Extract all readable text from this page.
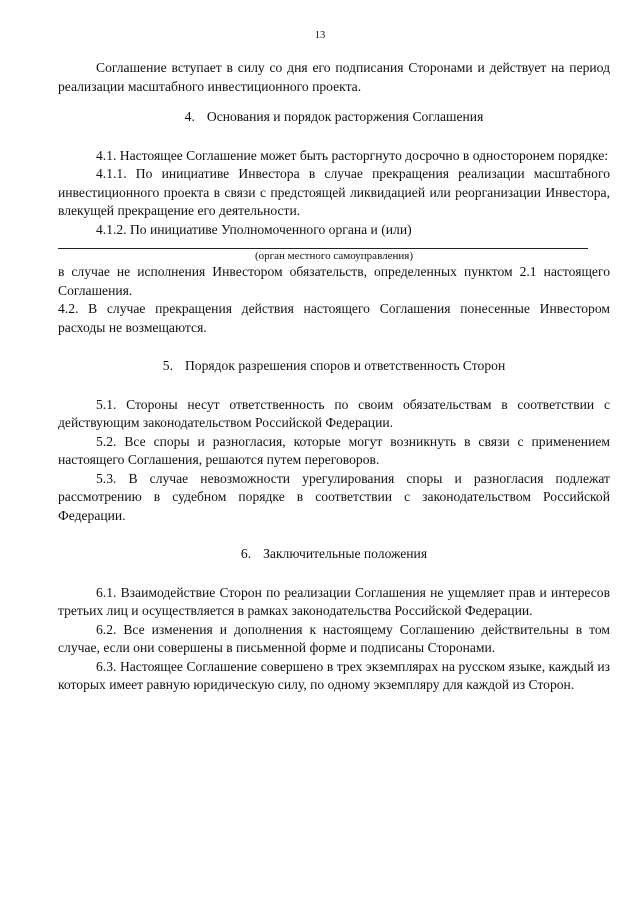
13

Соглашение вступает в силу со дня его подписания Сторонами и действует на период реализации масштабного инвестиционного проекта.

4. Основания и порядок расторжения Соглашения

4.1. Настоящее Соглашение может быть расторгнуто досрочно в односторонем порядке:

4.1.1. По инициативе Инвестора в случае прекращения реализации масштабного инвестиционного проекта в связи с предстоящей ликвидацией или реорганизации Инвестора, влекущей прекращение его деятельности.

4.1.2. По инициативе Уполномоченного органа и (или)

(орган местного самоуправления)

в случае не исполнения Инвестором обязательств, определенных пунктом 2.1 настоящего Соглашения.

4.2. В случае прекращения действия настоящего Соглашения понесенные Инвестором расходы не возмещаются.

5. Порядок разрешения споров и ответственность Сторон

5.1. Стороны несут ответственность по своим обязательствам в соответствии с действующим законодательством Российской Федерации.

5.2. Все споры и разногласия, которые могут возникнуть в связи с применением настоящего Соглашения, решаются путем переговоров.

5.3. В случае невозможности урегулирования споры и разногласия подлежат рассмотрению в судебном порядке в соответствии с законодательством Российской Федерации.

6. Заключительные положения

6.1. Взаимодействие Сторон по реализации Соглашения не ущемляет прав и интересов третьих лиц и осуществляется в рамках законодательства Российской Федерации.

6.2. Все изменения и дополнения к настоящему Соглашению действительны в том случае, если они совершены в письменной форме и подписаны Сторонами.

6.3. Настоящее Соглашение совершено в трех экземплярах на русском языке, каждый из которых имеет равную юридическую силу, по одному экземпляру для каждой из Сторон.
